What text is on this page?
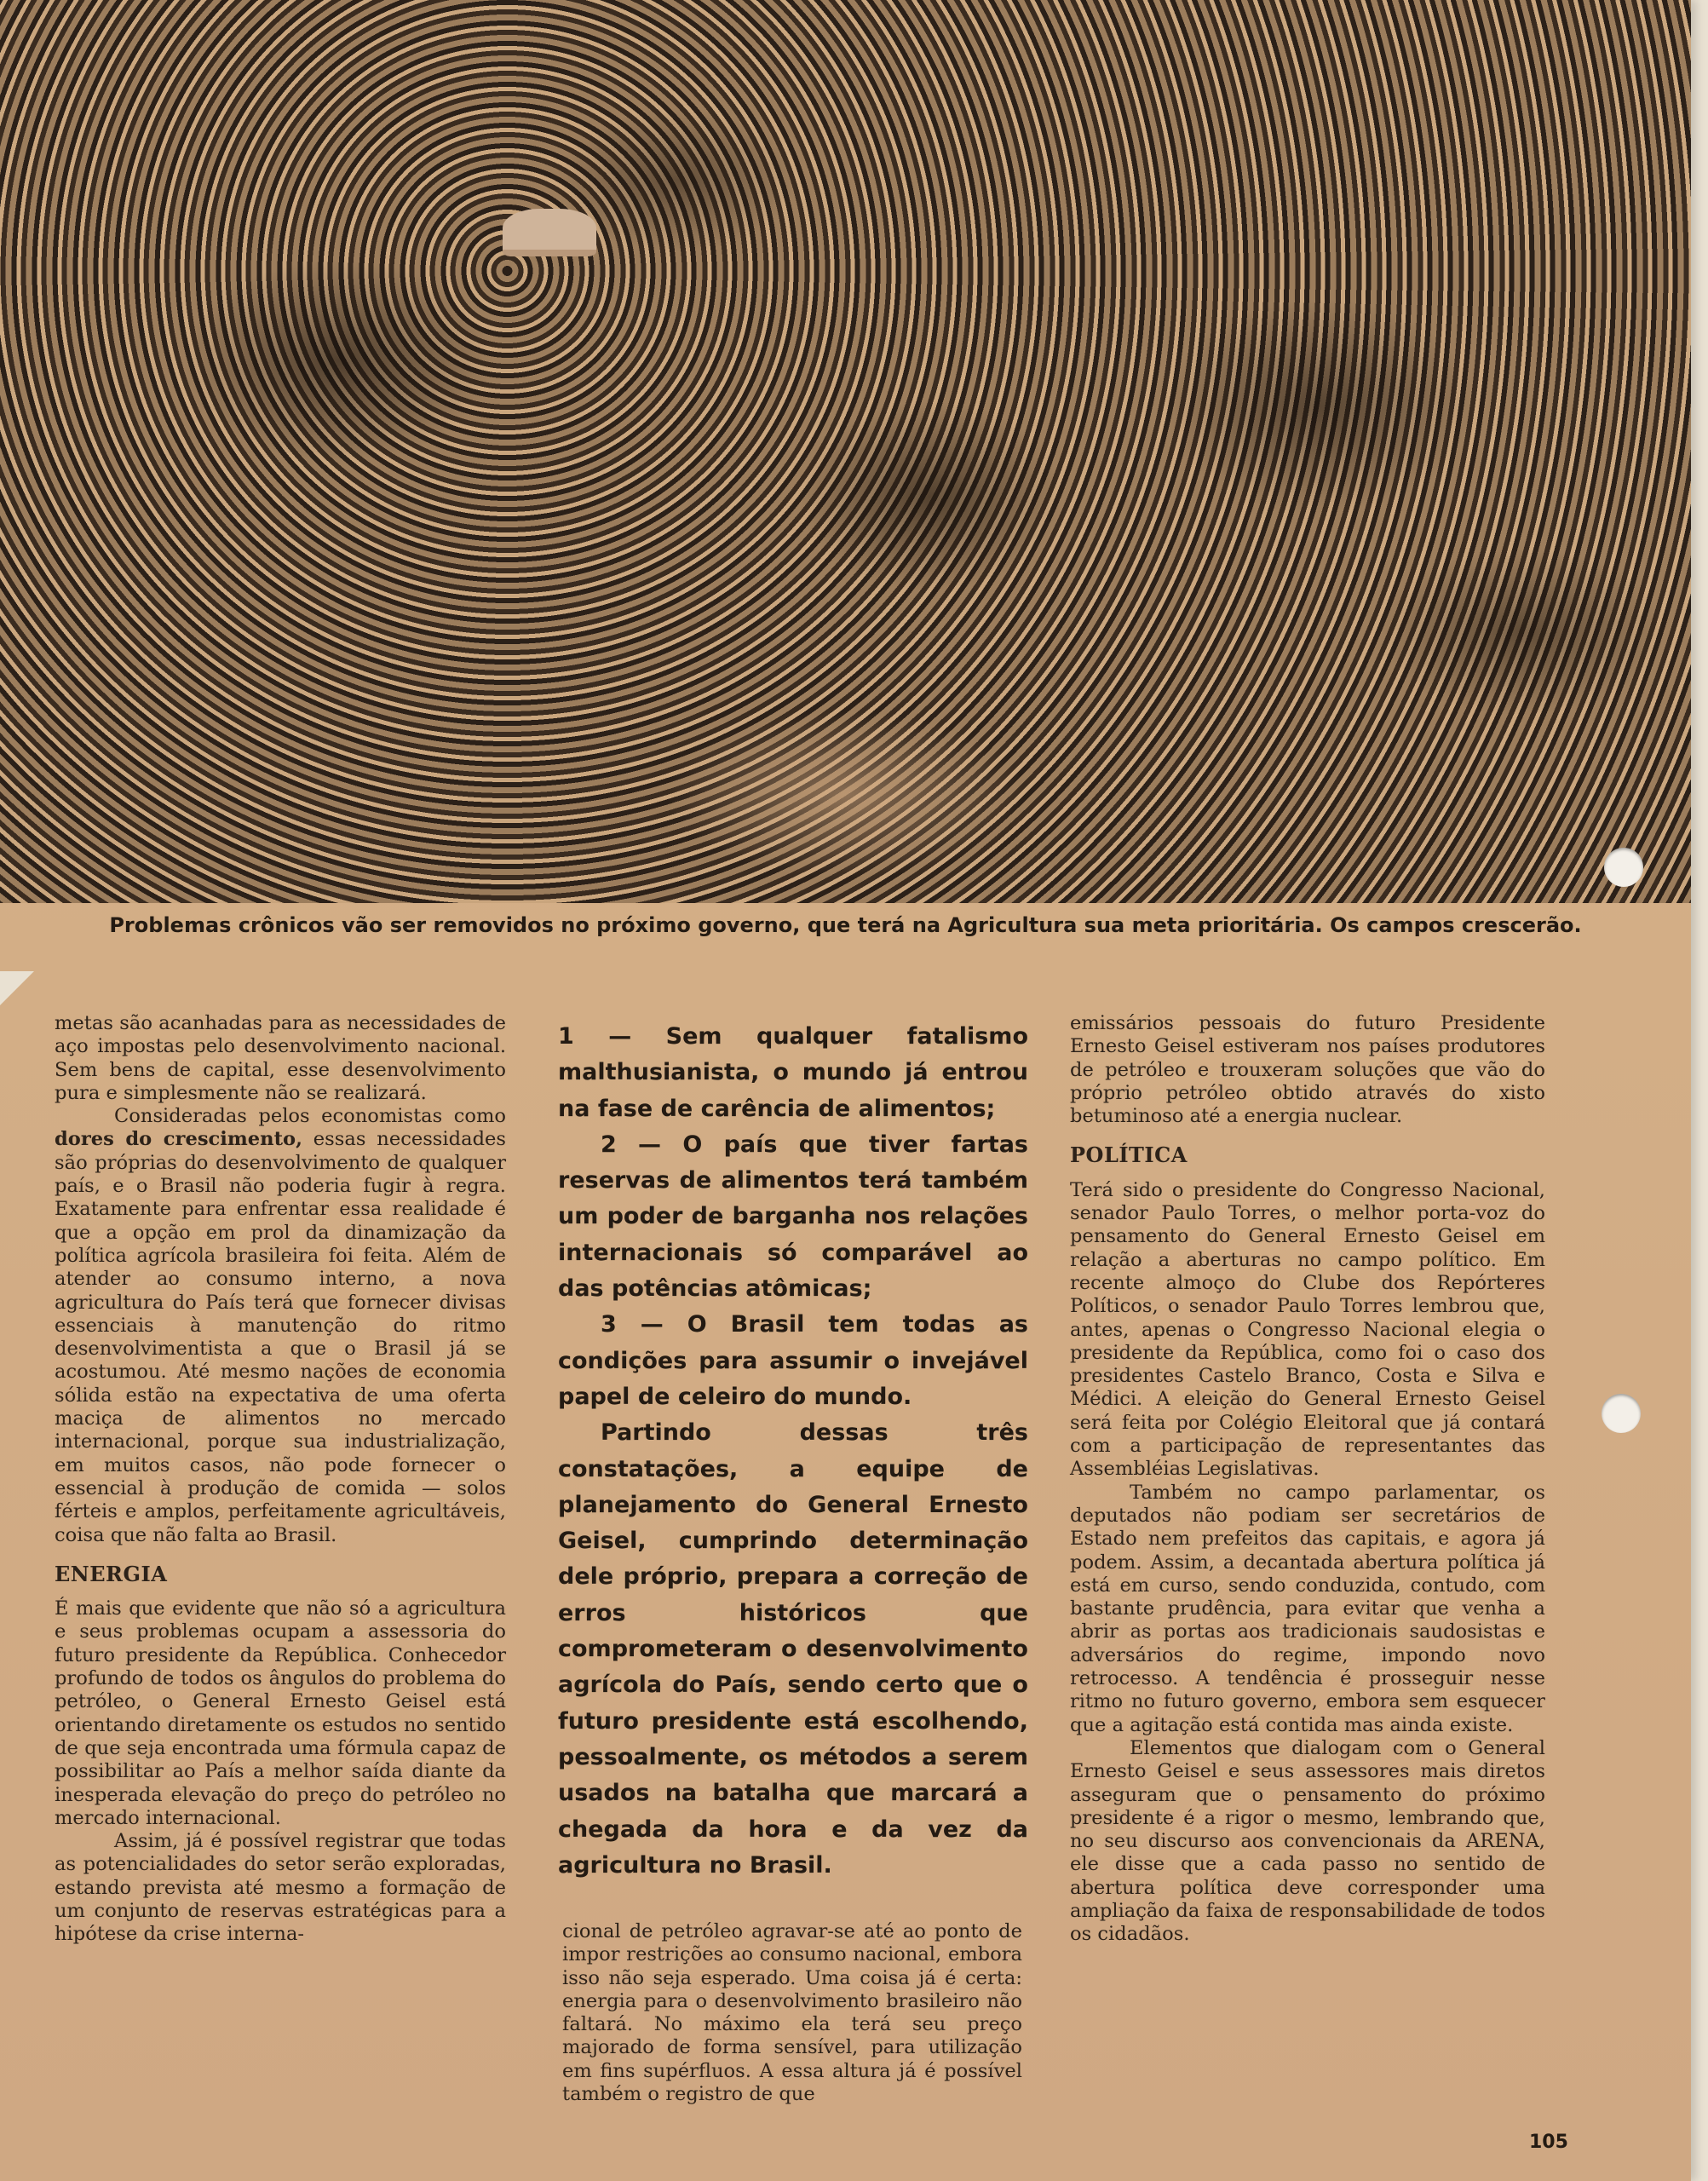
Problemas crônicos vão ser removidos no próximo governo, que terá na Agricultura sua meta prioritária. Os campos crescerão.

metas são acanhadas para as necessidades de aço impostas pelo desenvolvimento nacional. Sem bens de capital, esse desenvolvimento pura e simplesmente não se realizará.

Consideradas pelos economistas como dores do crescimento, essas necessidades são próprias do desenvolvimento de qualquer país, e o Brasil não poderia fugir à regra. Exatamente para enfrentar essa realidade é que a opção em prol da dinamização da política agrícola brasileira foi feita. Além de atender ao consumo interno, a nova agricultura do País terá que fornecer divisas essenciais à manutenção do ritmo desenvolvimentista a que o Brasil já se acostumou. Até mesmo nações de economia sólida estão na expectativa de uma oferta maciça de alimentos no mercado internacional, porque sua industrialização, em muitos casos, não pode fornecer o essencial à produção de comida — solos férteis e amplos, perfeitamente agricultáveis, coisa que não falta ao Brasil.

ENERGIA

É mais que evidente que não só a agricultura e seus problemas ocupam a assessoria do futuro presidente da República. Conhecedor profundo de todos os ângulos do problema do petróleo, o General Ernesto Geisel está orientando diretamente os estudos no sentido de que seja encontrada uma fórmula capaz de possibilitar ao País a melhor saída diante da inesperada elevação do preço do petróleo no mercado internacional.

Assim, já é possível registrar que todas as potencialidades do setor serão exploradas, estando prevista até mesmo a formação de um conjunto de reservas estratégicas para a hipótese da crise interna-

1 — Sem qualquer fatalismo malthusianista, o mundo já entrou na fase de carência de alimentos;

2 — O país que tiver fartas reservas de alimentos terá também um poder de barganha nos relações internacionais só comparável ao das potências atômicas;

3 — O Brasil tem todas as condições para assumir o invejável papel de celeiro do mundo.

Partindo dessas três constatações, a equipe de planejamento do General Ernesto Geisel, cumprindo determinação dele próprio, prepara a correção de erros históricos que comprometeram o desenvolvimento agrícola do País, sendo certo que o futuro presidente está escolhendo, pessoalmente, os métodos a serem usados na batalha que marcará a chegada da hora e da vez da agricultura no Brasil.

cional de petróleo agravar-se até ao ponto de impor restrições ao consumo nacional, embora isso não seja esperado. Uma coisa já é certa: energia para o desenvolvimento brasileiro não faltará. No máximo ela terá seu preço majorado de forma sensível, para utilização em fins supérfluos. A essa altura já é possível também o registro de que

emissários pessoais do futuro Presidente Ernesto Geisel estiveram nos países produtores de petróleo e trouxeram soluções que vão do próprio petróleo obtido através do xisto betuminoso até a energia nuclear.

POLÍTICA

Terá sido o presidente do Congresso Nacional, senador Paulo Torres, o melhor porta-voz do pensamento do General Ernesto Geisel em relação a aberturas no campo político. Em recente almoço do Clube dos Repórteres Políticos, o senador Paulo Torres lembrou que, antes, apenas o Congresso Nacional elegia o presidente da República, como foi o caso dos presidentes Castelo Branco, Costa e Silva e Médici. A eleição do General Ernesto Geisel será feita por Colégio Eleitoral que já contará com a participação de representantes das Assembléias Legislativas.

Também no campo parlamentar, os deputados não podiam ser secretários de Estado nem prefeitos das capitais, e agora já podem. Assim, a decantada abertura política já está em curso, sendo conduzida, contudo, com bastante prudência, para evitar que venha a abrir as portas aos tradicionais saudosistas e adversários do regime, impondo novo retrocesso. A tendência é prosseguir nesse ritmo no futuro governo, embora sem esquecer que a agitação está contida mas ainda existe.

Elementos que dialogam com o General Ernesto Geisel e seus assessores mais diretos asseguram que o pensamento do próximo presidente é a rigor o mesmo, lembrando que, no seu discurso aos convencionais da ARENA, ele disse que a cada passo no sentido de abertura política deve corresponder uma ampliação da faixa de responsabilidade de todos os cidadãos.

105
